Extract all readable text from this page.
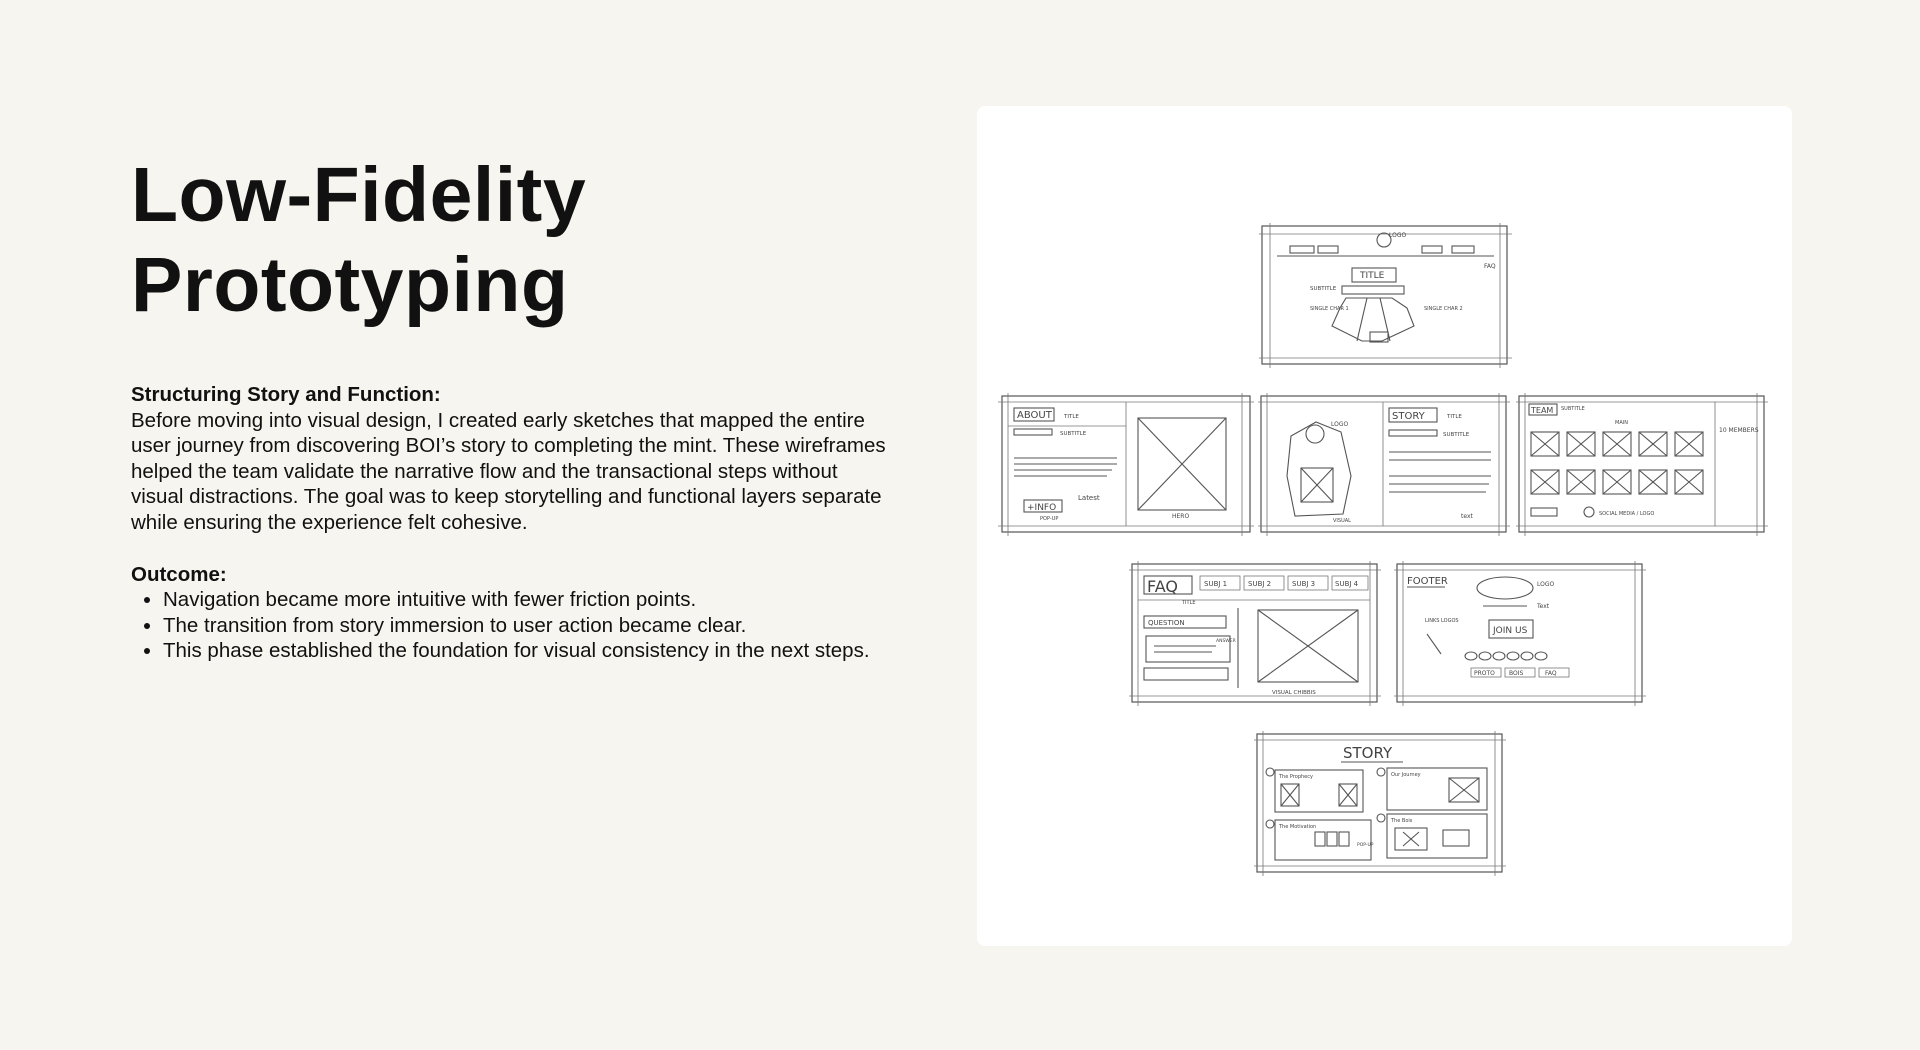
Low-Fidelity
Prototyping
Structuring Story and Function:

Before moving into visual design, I created early sketches that mapped the entire user journey from discovering BOI’s story to completing the mint. These wireframes helped the team validate the narrative flow and the transactional steps without visual distractions. The goal was to keep storytelling and functional layers separate while ensuring the experience felt cohesive.

Outcome:
• Navigation became more intuitive with fewer friction points.
• The transition from story immersion to user action became clear.
• This phase established the foundation for visual consistency in the next steps.
LOGO
FAQ
TITLE
SUBTITLE
SINGLE CHAR 1	SINGLE CHAR 2
ABOUT TITLE
SUBTITLE
+INFO
POP-UP
Latest
HERO
LOGO
VISUAL
STORY	TITLE
SUBTITLE
text
TEAM SUBTITLE
MAIN
10 MEMBERS
SOCIAL MEDIA / LOGO
FAQ
TITLE
SUBJ 1	SUBJ 2	SUBJ 3	SUBJ 4
QUESTION
ANSWER
VISUAL CHIBBIS
FOOTER	LOGO
Text
LINKS LOGOS
JOIN US
PROTO BOIS	FAQ
STORY
The Prophecy	Our Journey
The Motivation
POP-UP
The Bois
